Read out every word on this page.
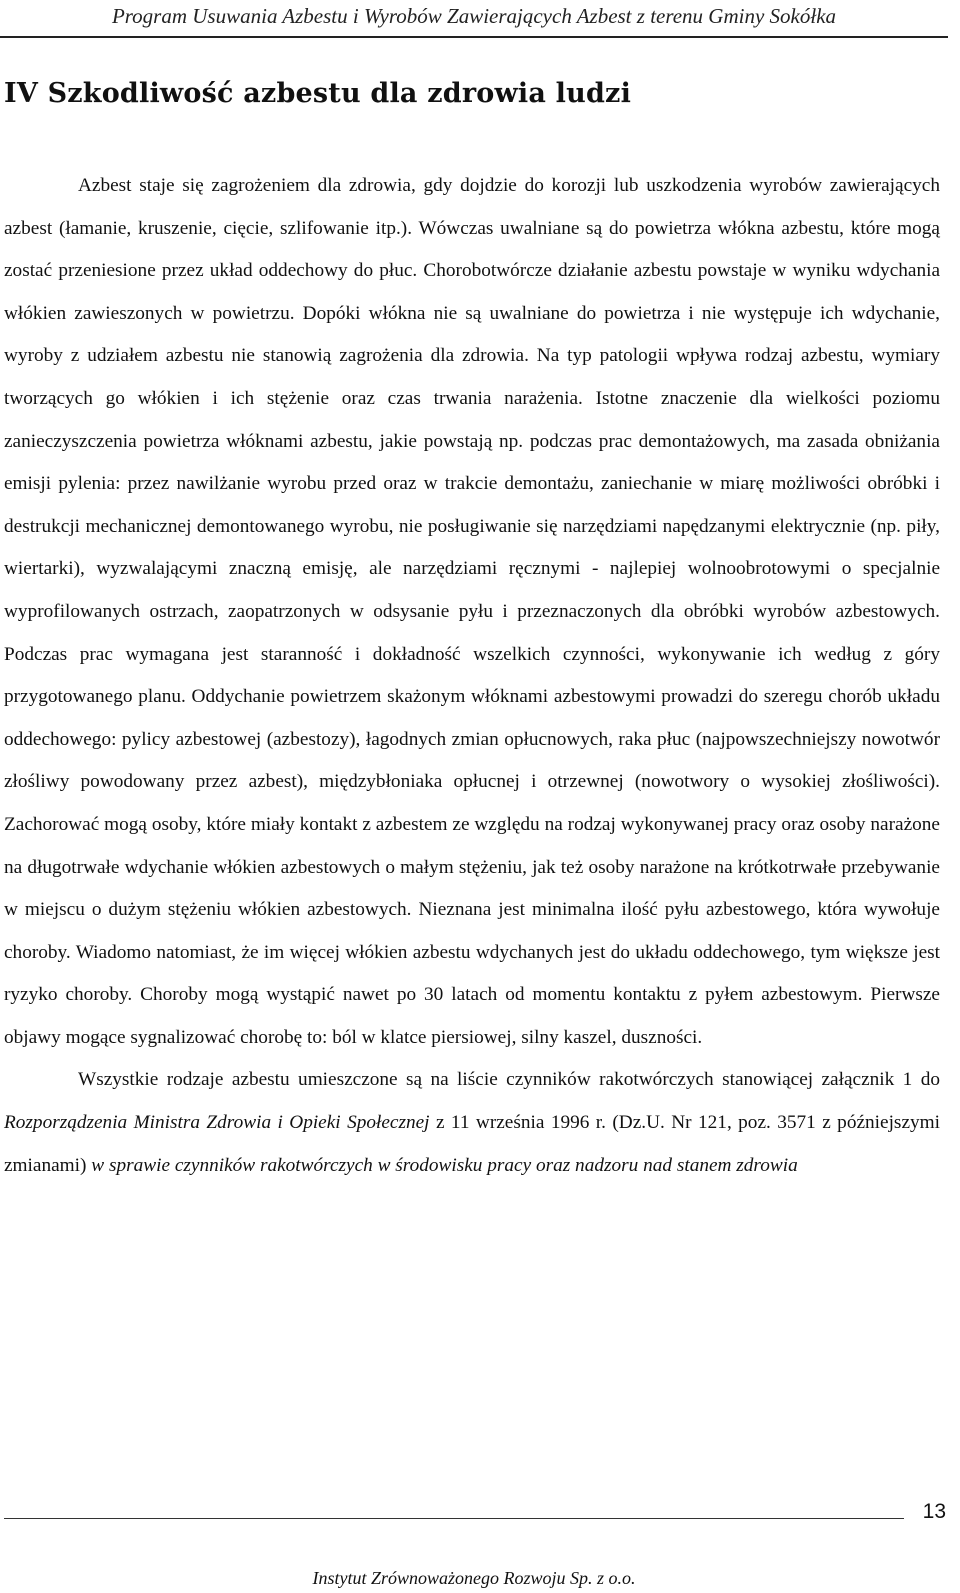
Program Usuwania Azbestu i Wyrobów Zawierających Azbest z terenu Gminy Sokółka
IV Szkodliwość azbestu dla zdrowia ludzi

Azbest staje się zagrożeniem dla zdrowia, gdy dojdzie do korozji lub uszkodzenia wyrobów zawierających azbest (łamanie, kruszenie, cięcie, szlifowanie itp.). Wówczas uwalniane są do powietrza włókna azbestu, które mogą zostać przeniesione przez układ oddechowy do płuc. Chorobotwórcze działanie azbestu powstaje w wyniku wdychania włókien zawieszonych w powietrzu. Dopóki włókna nie są uwalniane do powietrza i nie występuje ich wdychanie, wyroby z udziałem azbestu nie stanowią zagrożenia dla zdrowia. Na typ patologii wpływa rodzaj azbestu, wymiary tworzących go włókien i ich stężenie oraz czas trwania narażenia. Istotne znaczenie dla wielkości poziomu zanieczyszczenia powietrza włóknami azbestu, jakie powstają np. podczas prac demontażowych, ma zasada obniżania emisji pylenia: przez nawilżanie wyrobu przed oraz w trakcie demontażu, zaniechanie w miarę możliwości obróbki i destrukcji mechanicznej demontowanego wyrobu, nie posługiwanie się narzędziami napędzanymi elektrycznie (np. piły, wiertarki), wyzwalającymi znaczną emisję, ale narzędziami ręcznymi - najlepiej wolnoobrotowymi o specjalnie wyprofilowanych ostrzach, zaopatrzonych w odsysanie pyłu i przeznaczonych dla obróbki wyrobów azbestowych. Podczas prac wymagana jest staranność i dokładność wszelkich czynności, wykonywanie ich według z góry przygotowanego planu. Oddychanie powietrzem skażonym włóknami azbestowymi prowadzi do szeregu chorób układu oddechowego: pylicy azbestowej (azbestozy), łagodnych zmian opłucnowych, raka płuc (najpowszechniejszy nowotwór złośliwy powodowany przez azbest), międzybłoniaka opłucnej i otrzewnej (nowotwory o wysokiej złośliwości). Zachorować mogą osoby, które miały kontakt z azbestem ze względu na rodzaj wykonywanej pracy oraz osoby narażone na długotrwałe wdychanie włókien azbestowych o małym stężeniu, jak też osoby narażone na krótkotrwałe przebywanie w miejscu o dużym stężeniu włókien azbestowych. Nieznana jest minimalna ilość pyłu azbestowego, która wywołuje choroby. Wiadomo natomiast, że im więcej włókien azbestu wdychanych jest do układu oddechowego, tym większe jest ryzyko choroby. Choroby mogą wystąpić nawet po 30 latach od momentu kontaktu z pyłem azbestowym. Pierwsze objawy mogące sygnalizować chorobę to: ból w klatce piersiowej, silny kaszel, duszności.

Wszystkie rodzaje azbestu umieszczone są na liście czynników rakotwórczych stanowiącej załącznik 1 do Rozporządzenia Ministra Zdrowia i Opieki Społecznej z 11 września 1996 r. (Dz.U. Nr 121, poz. 3571 z późniejszymi zmianami) w sprawie czynników rakotwórczych w środowisku pracy oraz nadzoru nad stanem zdrowia

13
Instytut Zrównoważonego Rozwoju Sp. z o.o.
